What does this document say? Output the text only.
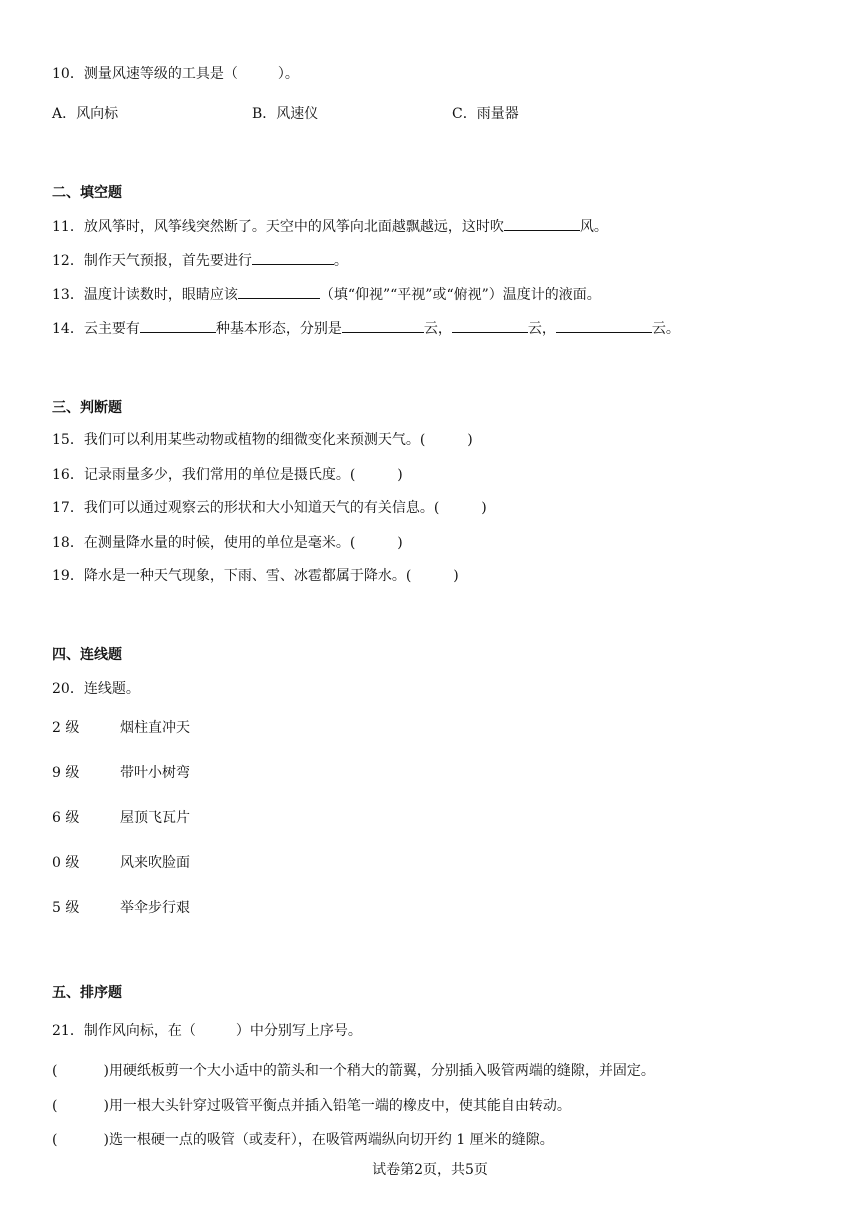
10．测量风速等级的工具是（	）。
A．风向标	B．风速仪	C．雨量器
二、填空题
11．放风筝时，风筝线突然断了。天空中的风筝向北面越飘越远，这时吹	风。
12．制作天气预报，首先要进行	。
13．温度计读数时，眼睛应该	（填“仰视”“平视”或“俯视”）温度计的液面。
14．云主要有	种基本形态，分别是	云，	云，	云。
三、判断题
15．我们可以利用某些动物或植物的细微变化来预测天气。(	)
16．记录雨量多少，我们常用的单位是摄氏度。(	)
17．我们可以通过观察云的形状和大小知道天气的有关信息。(	)
18．在测量降水量的时候，使用的单位是毫米。(	)
19．降水是一种天气现象，下雨、雪、冰雹都属于降水。(	)
四、连线题
20．连线题。
2 级	烟柱直冲天
9 级	带叶小树弯
6 级	屋顶飞瓦片
0 级	风来吹脸面
5 级	举伞步行艰
五、排序题
21．制作风向标，在（	）中分别写上序号。
(	)用硬纸板剪一个大小适中的箭头和一个稍大的箭翼，分别插入吸管两端的缝隙，并固定。
(	)用一根大头针穿过吸管平衡点并插入铅笔一端的橡皮中，使其能自由转动。
(	)选一根硬一点的吸管（或麦秆），在吸管两端纵向切开约 1 厘米的缝隙。
试卷第2页，共5页
